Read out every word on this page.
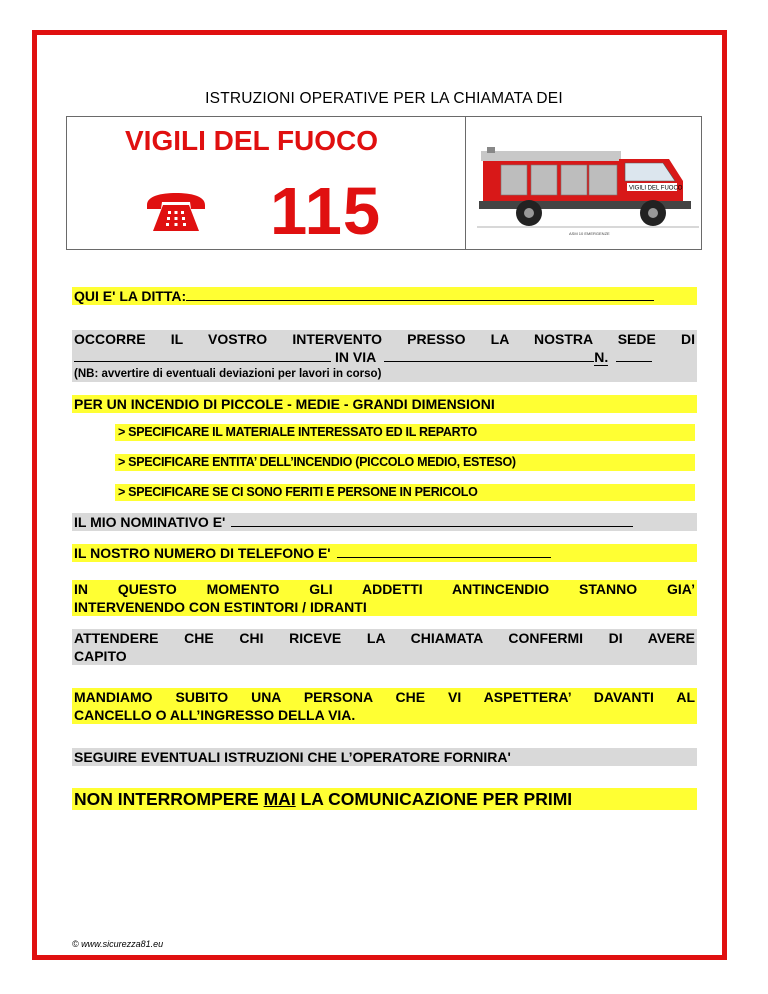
ISTRUZIONI OPERATIVE PER LA CHIAMATA DEI
VIGILI DEL FUOCO
115	VIGILI DEL FUOCO
ASM 10 EMERGENZE
QUI E' LA DITTA:
OCCORRE IL VOSTRO INTERVENTO PRESSO LA NOSTRA SEDE DI
IN VIA	N.
(NB: avvertire di eventuali deviazioni per lavori in corso)
PER UN INCENDIO DI PICCOLE - MEDIE - GRANDI DIMENSIONI
> SPECIFICARE IL MATERIALE INTERESSATO ED IL REPARTO
> SPECIFICARE ENTITA’ DELL’INCENDIO (PICCOLO MEDIO, ESTESO)
> SPECIFICARE SE CI SONO FERITI E PERSONE IN PERICOLO
IL MIO NOMINATIVO E'
IL NOSTRO NUMERO DI TELEFONO E'
IN QUESTO MOMENTO GLI ADDETTI ANTINCENDIO STANNO GIA’
INTERVENENDO CON ESTINTORI / IDRANTI
ATTENDERE CHE CHI RICEVE LA CHIAMATA CONFERMI DI AVERE
CAPITO
MANDIAMO SUBITO UNA PERSONA CHE VI ASPETTERA’ DAVANTI AL
CANCELLO O ALL’INGRESSO DELLA VIA.
SEGUIRE EVENTUALI ISTRUZIONI CHE L’OPERATORE FORNIRA'
NON INTERROMPERE MAI LA COMUNICAZIONE PER PRIMI
© www.sicurezza81.eu
